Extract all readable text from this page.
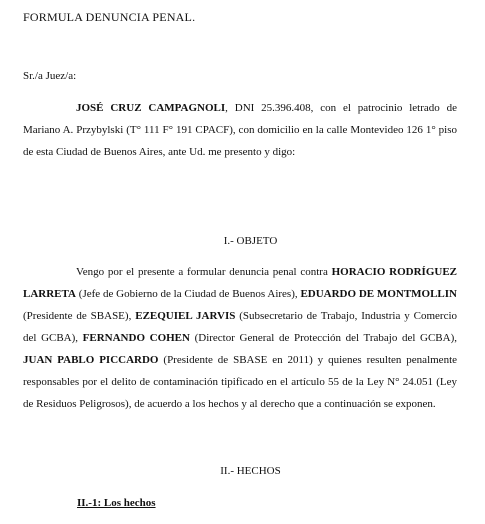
FORMULA DENUNCIA PENAL.
Sr./a Juez/a:
JOSÉ CRUZ CAMPAGNOLI, DNI 25.396.408, con el patrocinio letrado de Mariano A. Przybylski (T° 111 F° 191 CPACF), con domicilio en la calle Montevideo 126 1° piso de esta Ciudad de Buenos Aires, ante Ud. me presento y digo:
I.- OBJETO
Vengo por el presente a formular denuncia penal contra HORACIO RODRÍGUEZ LARRETA (Jefe de Gobierno de la Ciudad de Buenos Aires), EDUARDO DE MONTMOLLIN (Presidente de SBASE), EZEQUIEL JARVIS (Subsecretario de Trabajo, Industria y Comercio del GCBA), FERNANDO COHEN (Director General de Protección del Trabajo del GCBA), JUAN PABLO PICCARDO (Presidente de SBASE en 2011) y quienes resulten penalmente responsables por el delito de contaminación tipificado en el artículo 55 de la Ley N° 24.051 (Ley de Residuos Peligrosos), de acuerdo a los hechos y al derecho que a continuación se exponen.
II.- HECHOS
II.-1: Los hechos
